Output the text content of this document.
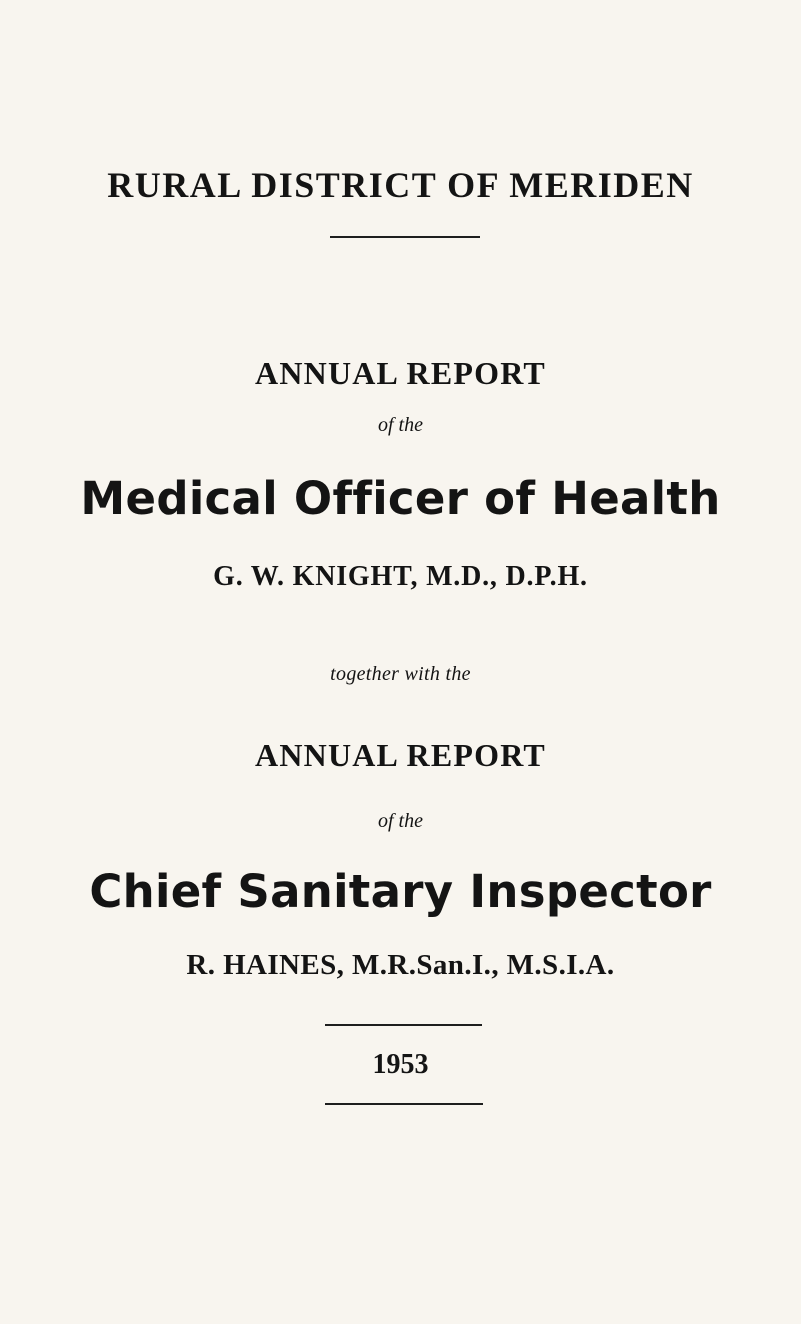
RURAL DISTRICT OF MERIDEN
ANNUAL REPORT
of the
Medical Officer of Health
G. W. KNIGHT, M.D., D.P.H.
together with the
ANNUAL REPORT
of the
Chief Sanitary Inspector
R. HAINES, M.R.San.I., M.S.I.A.
1953
